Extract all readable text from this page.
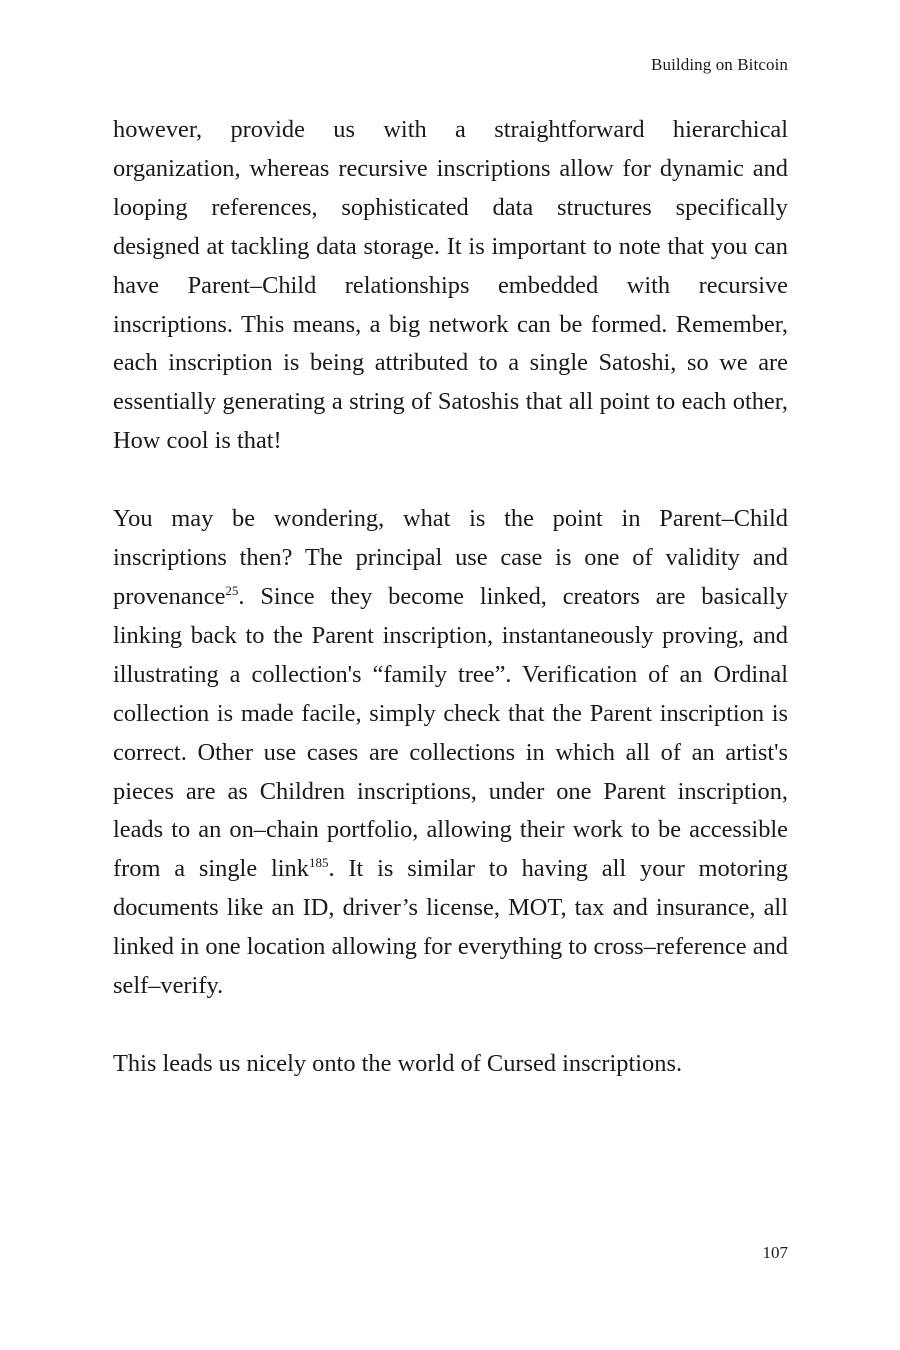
Building on Bitcoin

however, provide us with a straightforward hierarchical organization, whereas recursive inscriptions allow for dynamic and looping references, sophisticated data structures specifically designed at tackling data storage. It is important to note that you can have Parent–Child relationships embedded with recursive inscriptions. This means, a big network can be formed. Remember, each inscription is being attributed to a single Satoshi, so we are essentially generating a string of Satoshis that all point to each other, How cool is that!

You may be wondering, what is the point in Parent–Child inscriptions then? The principal use case is one of validity and provenance$^{25}$. Since they become linked, creators are basically linking back to the Parent inscription, instantaneously proving, and illustrating a collection's “family tree”. Verification of an Ordinal collection is made facile, simply check that the Parent inscription is correct. Other use cases are collections in which all of an artist's pieces are as Children inscriptions, under one Parent inscription, leads to an on–chain portfolio, allowing their work to be accessible from a single link$^{185}$. It is similar to having all your motoring documents like an ID, driver’s license, MOT, tax and insurance, all linked in one location allowing for everything to cross–reference and self–verify.

This leads us nicely onto the world of Cursed inscriptions.

107
